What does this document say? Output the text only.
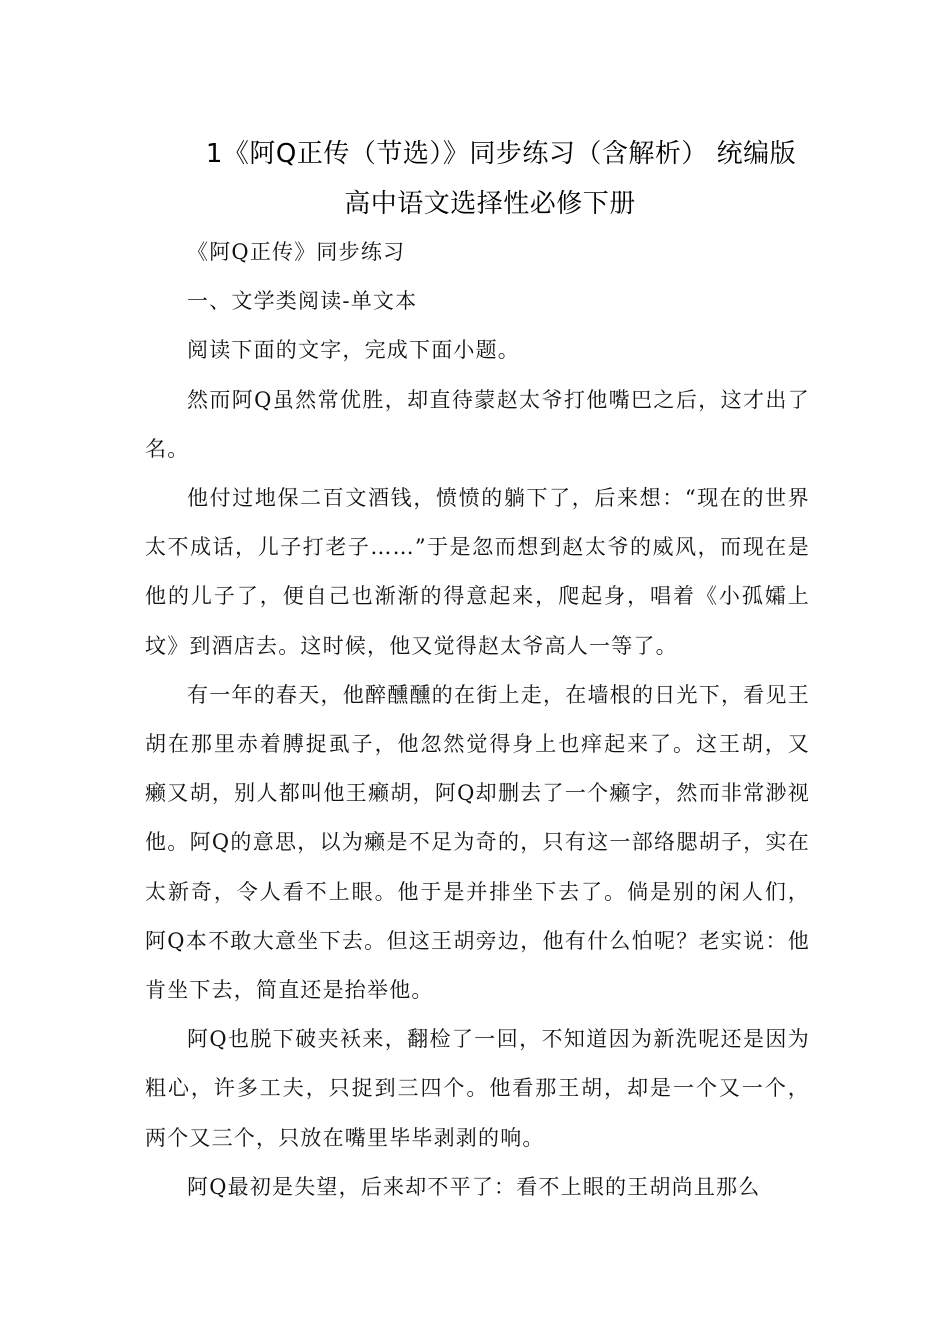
1《阿Q正传（节选）》同步练习（含解析） 统编版
高中语文选择性必修下册

《阿Q正传》同步练习

一、文学类阅读-单文本

阅读下面的文字，完成下面小题。

然而阿Q虽然常优胜，却直待蒙赵太爷打他嘴巴之后，这才出了名。

他付过地保二百文酒钱，愤愤的躺下了，后来想：“现在的世界太不成话，儿子打老子……”于是忽而想到赵太爷的威风，而现在是他的儿子了，便自己也渐渐的得意起来，爬起身，唱着《小孤孀上坟》到酒店去。这时候，他又觉得赵太爷高人一等了。

有一年的春天，他醉醺醺的在街上走，在墙根的日光下，看见王胡在那里赤着膊捉虱子，他忽然觉得身上也痒起来了。这王胡，又癞又胡，别人都叫他王癞胡，阿Q却删去了一个癞字，然而非常渺视他。阿Q的意思，以为癞是不足为奇的，只有这一部络腮胡子，实在太新奇，令人看不上眼。他于是并排坐下去了。倘是别的闲人们，阿Q本不敢大意坐下去。但这王胡旁边，他有什么怕呢？老实说：他肯坐下去，简直还是抬举他。

阿Q也脱下破夹袄来，翻检了一回，不知道因为新洗呢还是因为粗心，许多工夫，只捉到三四个。他看那王胡，却是一个又一个，两个又三个，只放在嘴里毕毕剥剥的响。

阿Q最初是失望，后来却不平了：看不上眼的王胡尚且那么
